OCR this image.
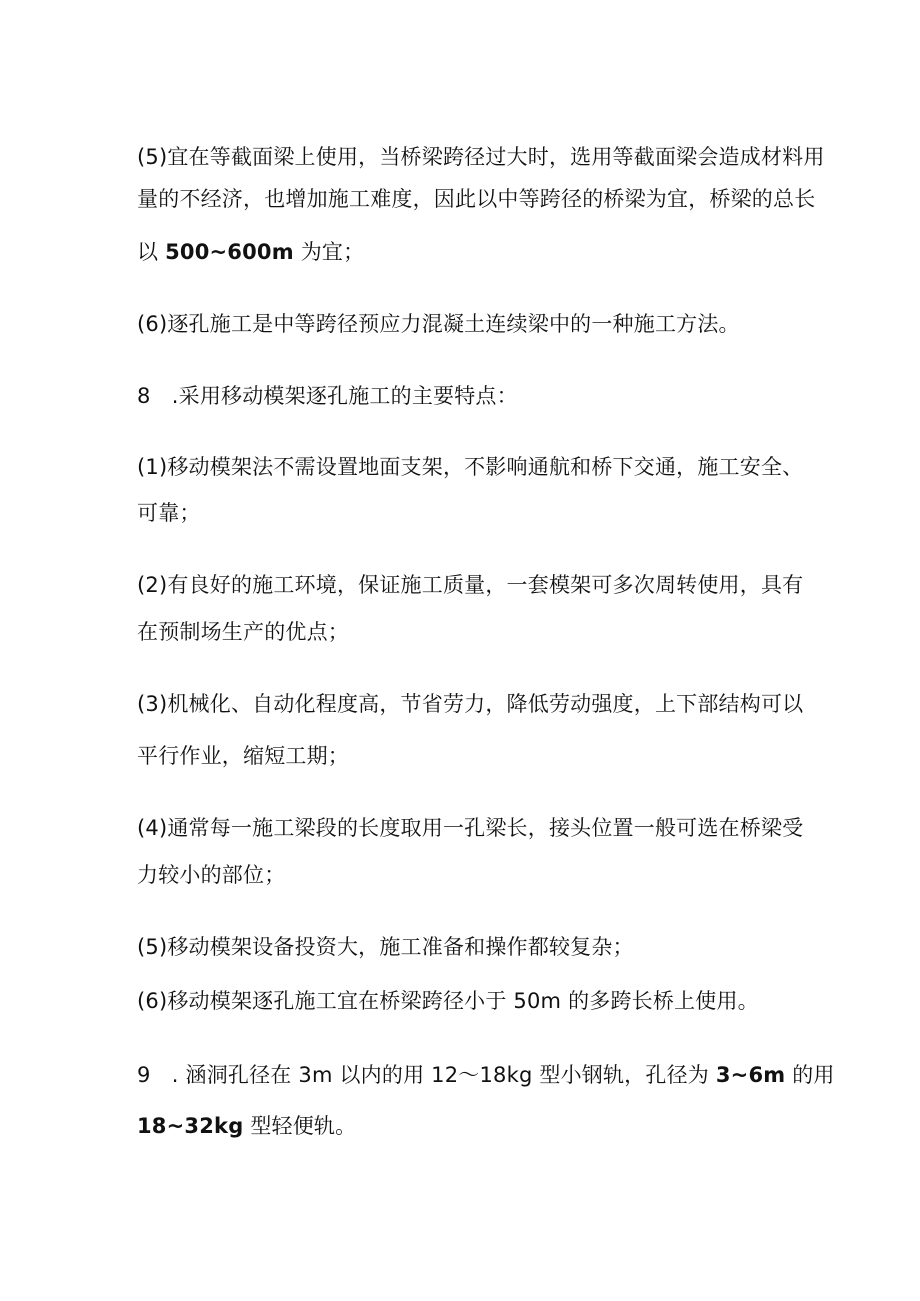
(5)宜在等截面梁上使用，当桥梁跨径过大时，选用等截面梁会造成材料用
量的不经济，也增加施工难度，因此以中等跨径的桥梁为宜，桥梁的总长
以 500~600m 为宜；
(6)逐孔施工是中等跨径预应力混凝土连续梁中的一种施工方法。
8　.采用移动模架逐孔施工的主要特点：
(1)移动模架法不需设置地面支架，不影响通航和桥下交通，施工安全、
可靠；
(2)有良好的施工环境，保证施工质量，一套模架可多次周转使用，具有
在预制场生产的优点；
(3)机械化、自动化程度高，节省劳力，降低劳动强度，上下部结构可以
平行作业，缩短工期；
(4)通常每一施工梁段的长度取用一孔梁长，接头位置一般可选在桥梁受
力较小的部位；
(5)移动模架设备投资大，施工准备和操作都较复杂；
(6)移动模架逐孔施工宜在桥梁跨径小于 50m 的多跨长桥上使用。
9　. 涵洞孔径在 3m 以内的用 12～18kg 型小钢轨，孔径为 3~6m 的用
18~32kg 型轻便轨。
